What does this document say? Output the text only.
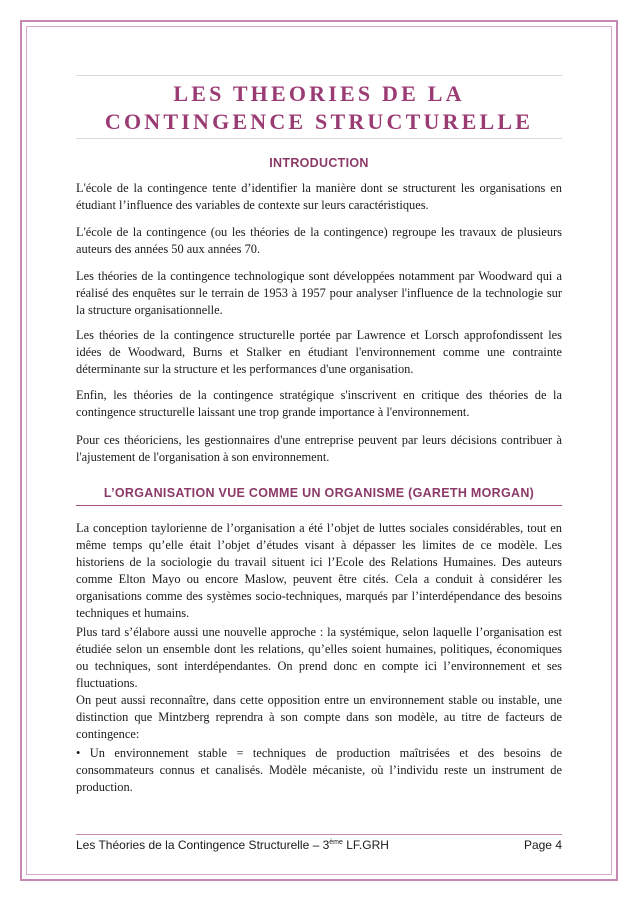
LES THEORIES DE LA
CONTINGENCE STRUCTURELLE
INTRODUCTION

L'école de la contingence tente d’identifier la manière dont se structurent les organisations en étudiant l’influence des variables de contexte sur leurs caractéristiques.

L'école de la contingence (ou les théories de la contingence) regroupe les travaux de plusieurs auteurs des années 50 aux années 70.

Les théories de la contingence technologique sont développées notamment par Woodward qui a réalisé des enquêtes sur le terrain de 1953 à 1957 pour analyser l'influence de la technologie sur la structure organisationnelle.

Les théories de la contingence structurelle portée par Lawrence et Lorsch approfondissent les idées de Woodward, Burns et Stalker en étudiant l'environnement comme une contrainte déterminante sur la structure et les performances d'une organisation.

Enfin, les théories de la contingence stratégique s'inscrivent en critique des théories de la contingence structurelle laissant une trop grande importance à l'environnement.

Pour ces théoriciens, les gestionnaires d'une entreprise peuvent par leurs décisions contribuer à l'ajustement de l'organisation à son environnement.

L’ORGANISATION VUE COMME UN ORGANISME (GARETH MORGAN)

La conception taylorienne de l’organisation a été l’objet de luttes sociales considérables, tout en même temps qu’elle était l’objet d’études visant à dépasser les limites de ce modèle. Les historiens de la sociologie du travail situent ici l’Ecole des Relations Humaines. Des auteurs comme Elton Mayo ou encore Maslow, peuvent être cités. Cela a conduit à considérer les organisations comme des systèmes socio-techniques, marqués par l’interdépendance des besoins techniques et humains.

Plus tard s’élabore aussi une nouvelle approche : la systémique, selon laquelle l’organisation est étudiée selon un ensemble dont les relations, qu’elles soient humaines, politiques, économiques ou techniques, sont interdépendantes. On prend donc en compte ici l’environnement et ses fluctuations.

On peut aussi reconnaître, dans cette opposition entre un environnement stable ou instable, une distinction que Mintzberg reprendra à son compte dans son modèle, au titre de facteurs de contingence:

• Un environnement stable = techniques de production maîtrisées et des besoins de consommateurs connus et canalisés. Modèle mécaniste, où l’individu reste un instrument de production.

Les Théories de la Contingence Structurelle – 3ème LF.GRH	Page 4
